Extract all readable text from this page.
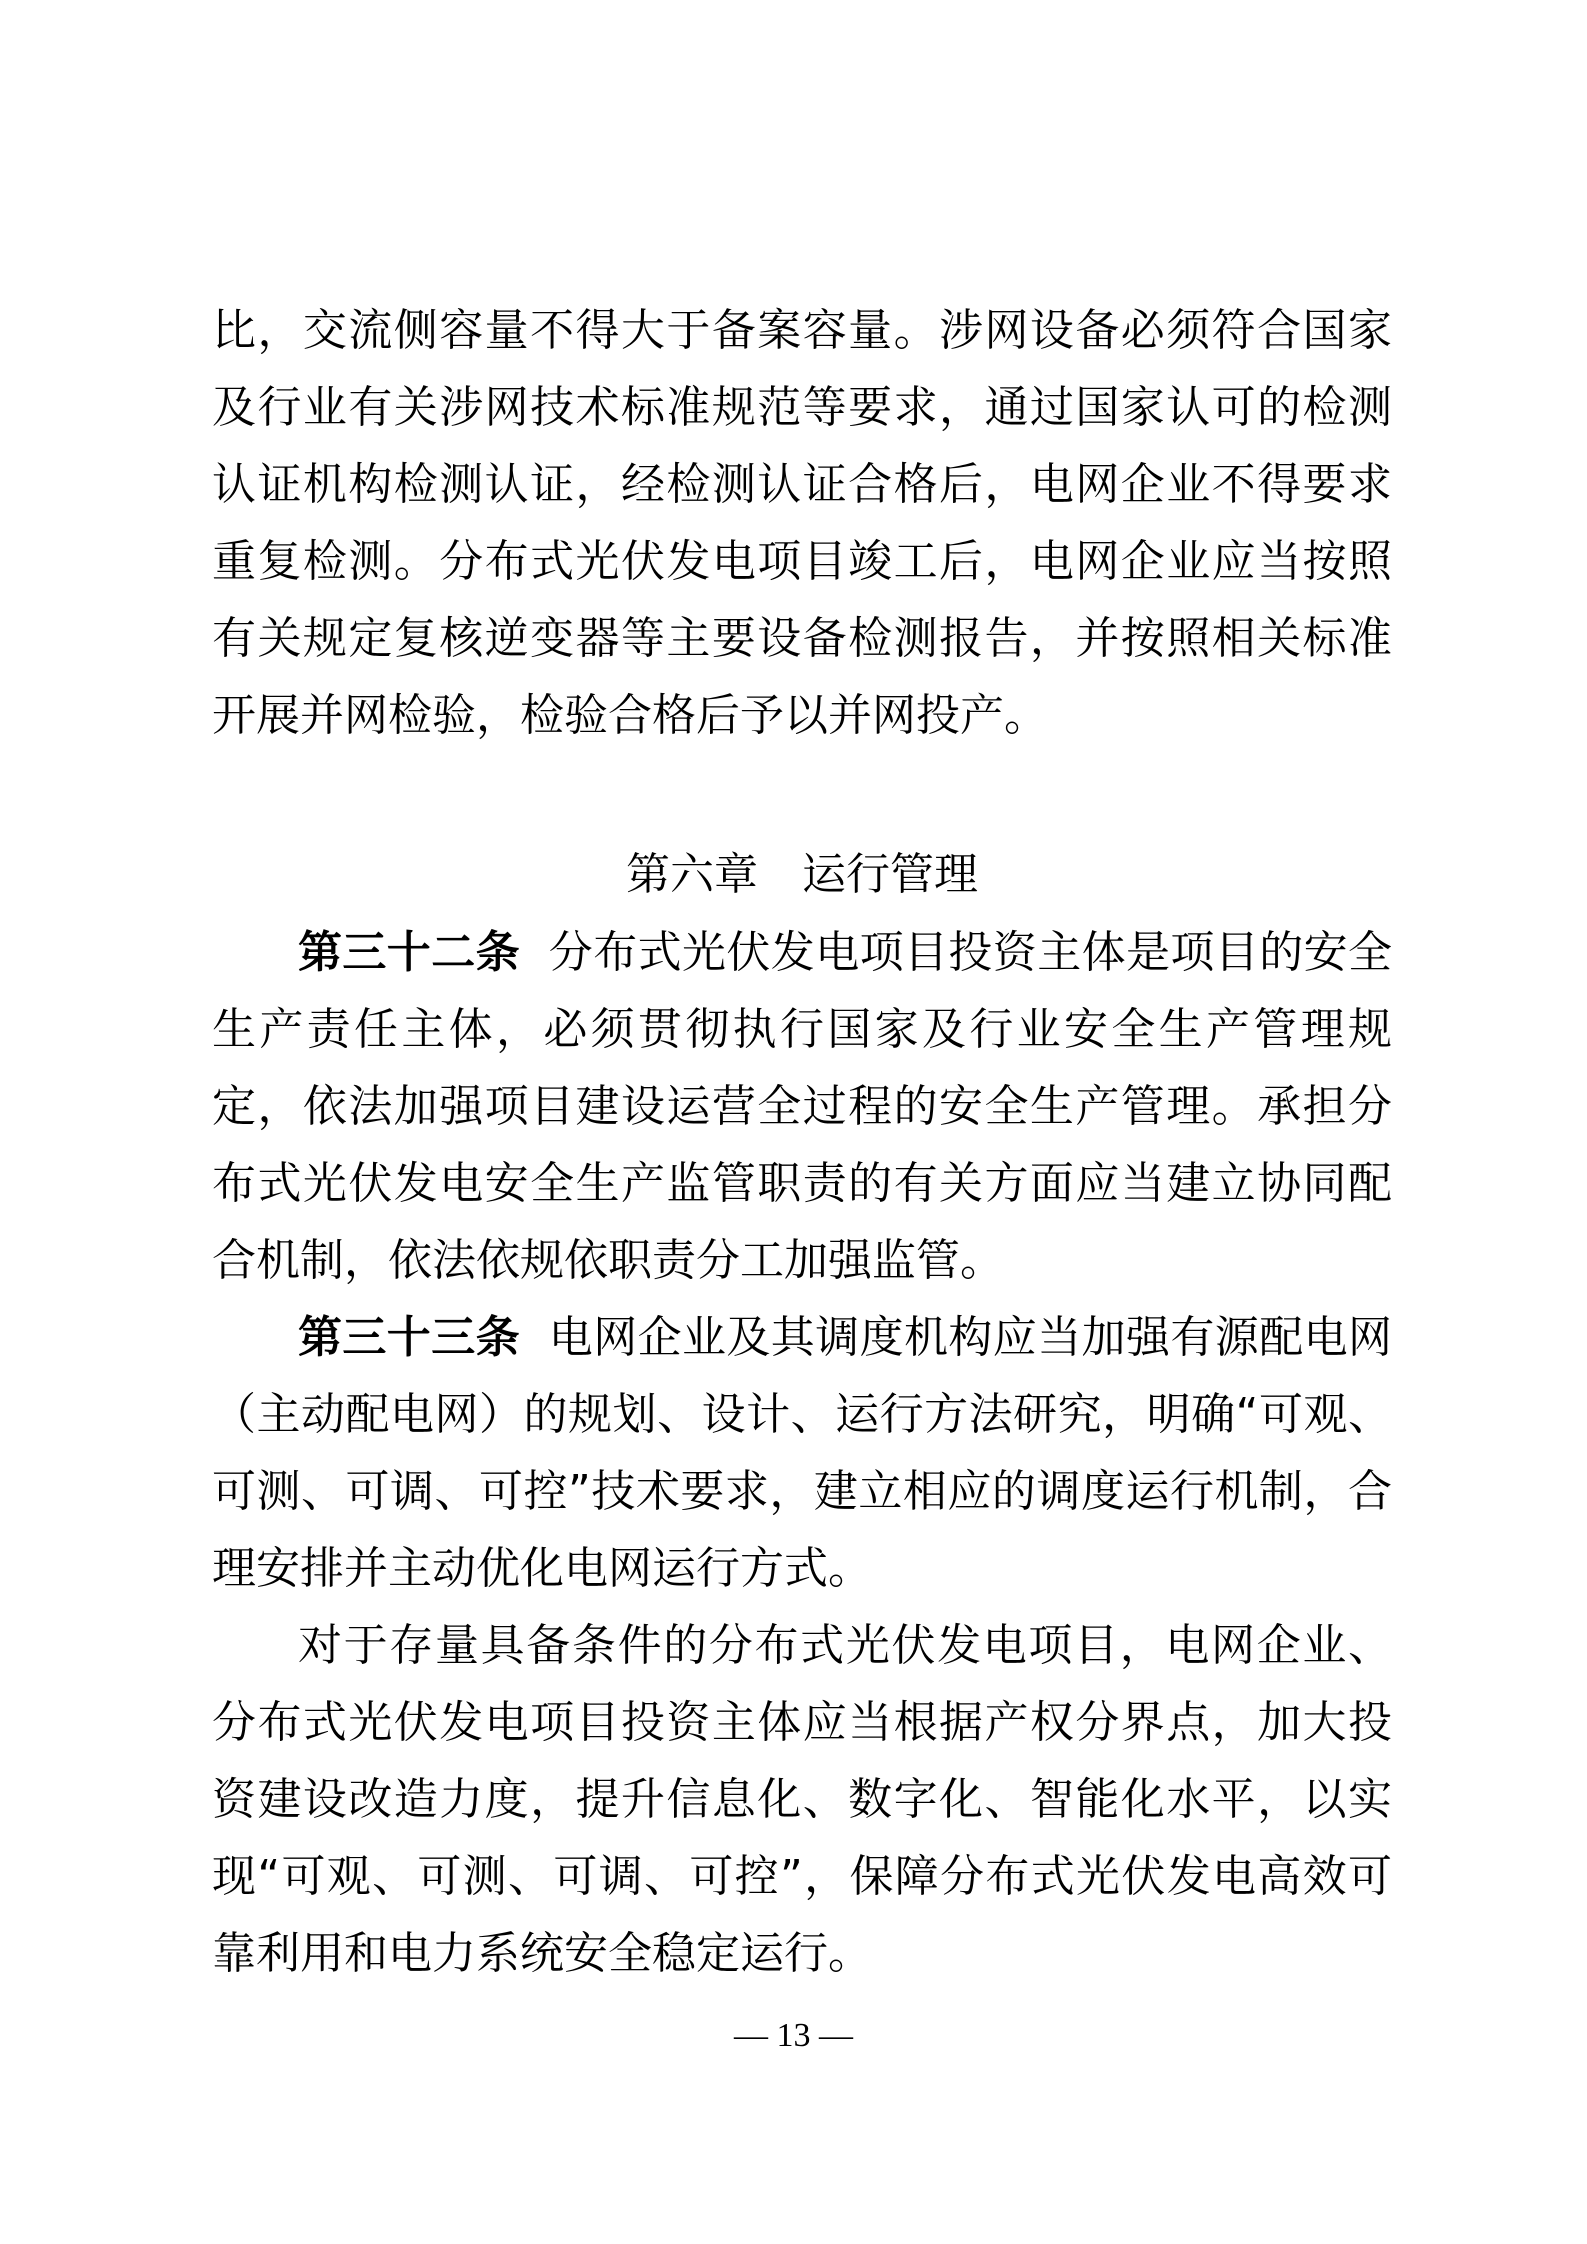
比，交流侧容量不得大于备案容量。涉网设备必须符合国家及行业有关涉网技术标准规范等要求，通过国家认可的检测认证机构检测认证，经检测认证合格后，电网企业不得要求重复检测。分布式光伏发电项目竣工后，电网企业应当按照有关规定复核逆变器等主要设备检测报告，并按照相关标准开展并网检验，检验合格后予以并网投产。

第六章　运行管理

第三十二条 分布式光伏发电项目投资主体是项目的安全生产责任主体，必须贯彻执行国家及行业安全生产管理规定，依法加强项目建设运营全过程的安全生产管理。承担分布式光伏发电安全生产监管职责的有关方面应当建立协同配合机制，依法依规依职责分工加强监管。

第三十三条 电网企业及其调度机构应当加强有源配电网（主动配电网）的规划、设计、运行方法研究，明确“可观、可测、可调、可控”技术要求，建立相应的调度运行机制，合理安排并主动优化电网运行方式。

对于存量具备条件的分布式光伏发电项目，电网企业、分布式光伏发电项目投资主体应当根据产权分界点，加大投资建设改造力度，提升信息化、数字化、智能化水平，以实现“可观、可测、可调、可控”，保障分布式光伏发电高效可靠利用和电力系统安全稳定运行。

— 13 —
